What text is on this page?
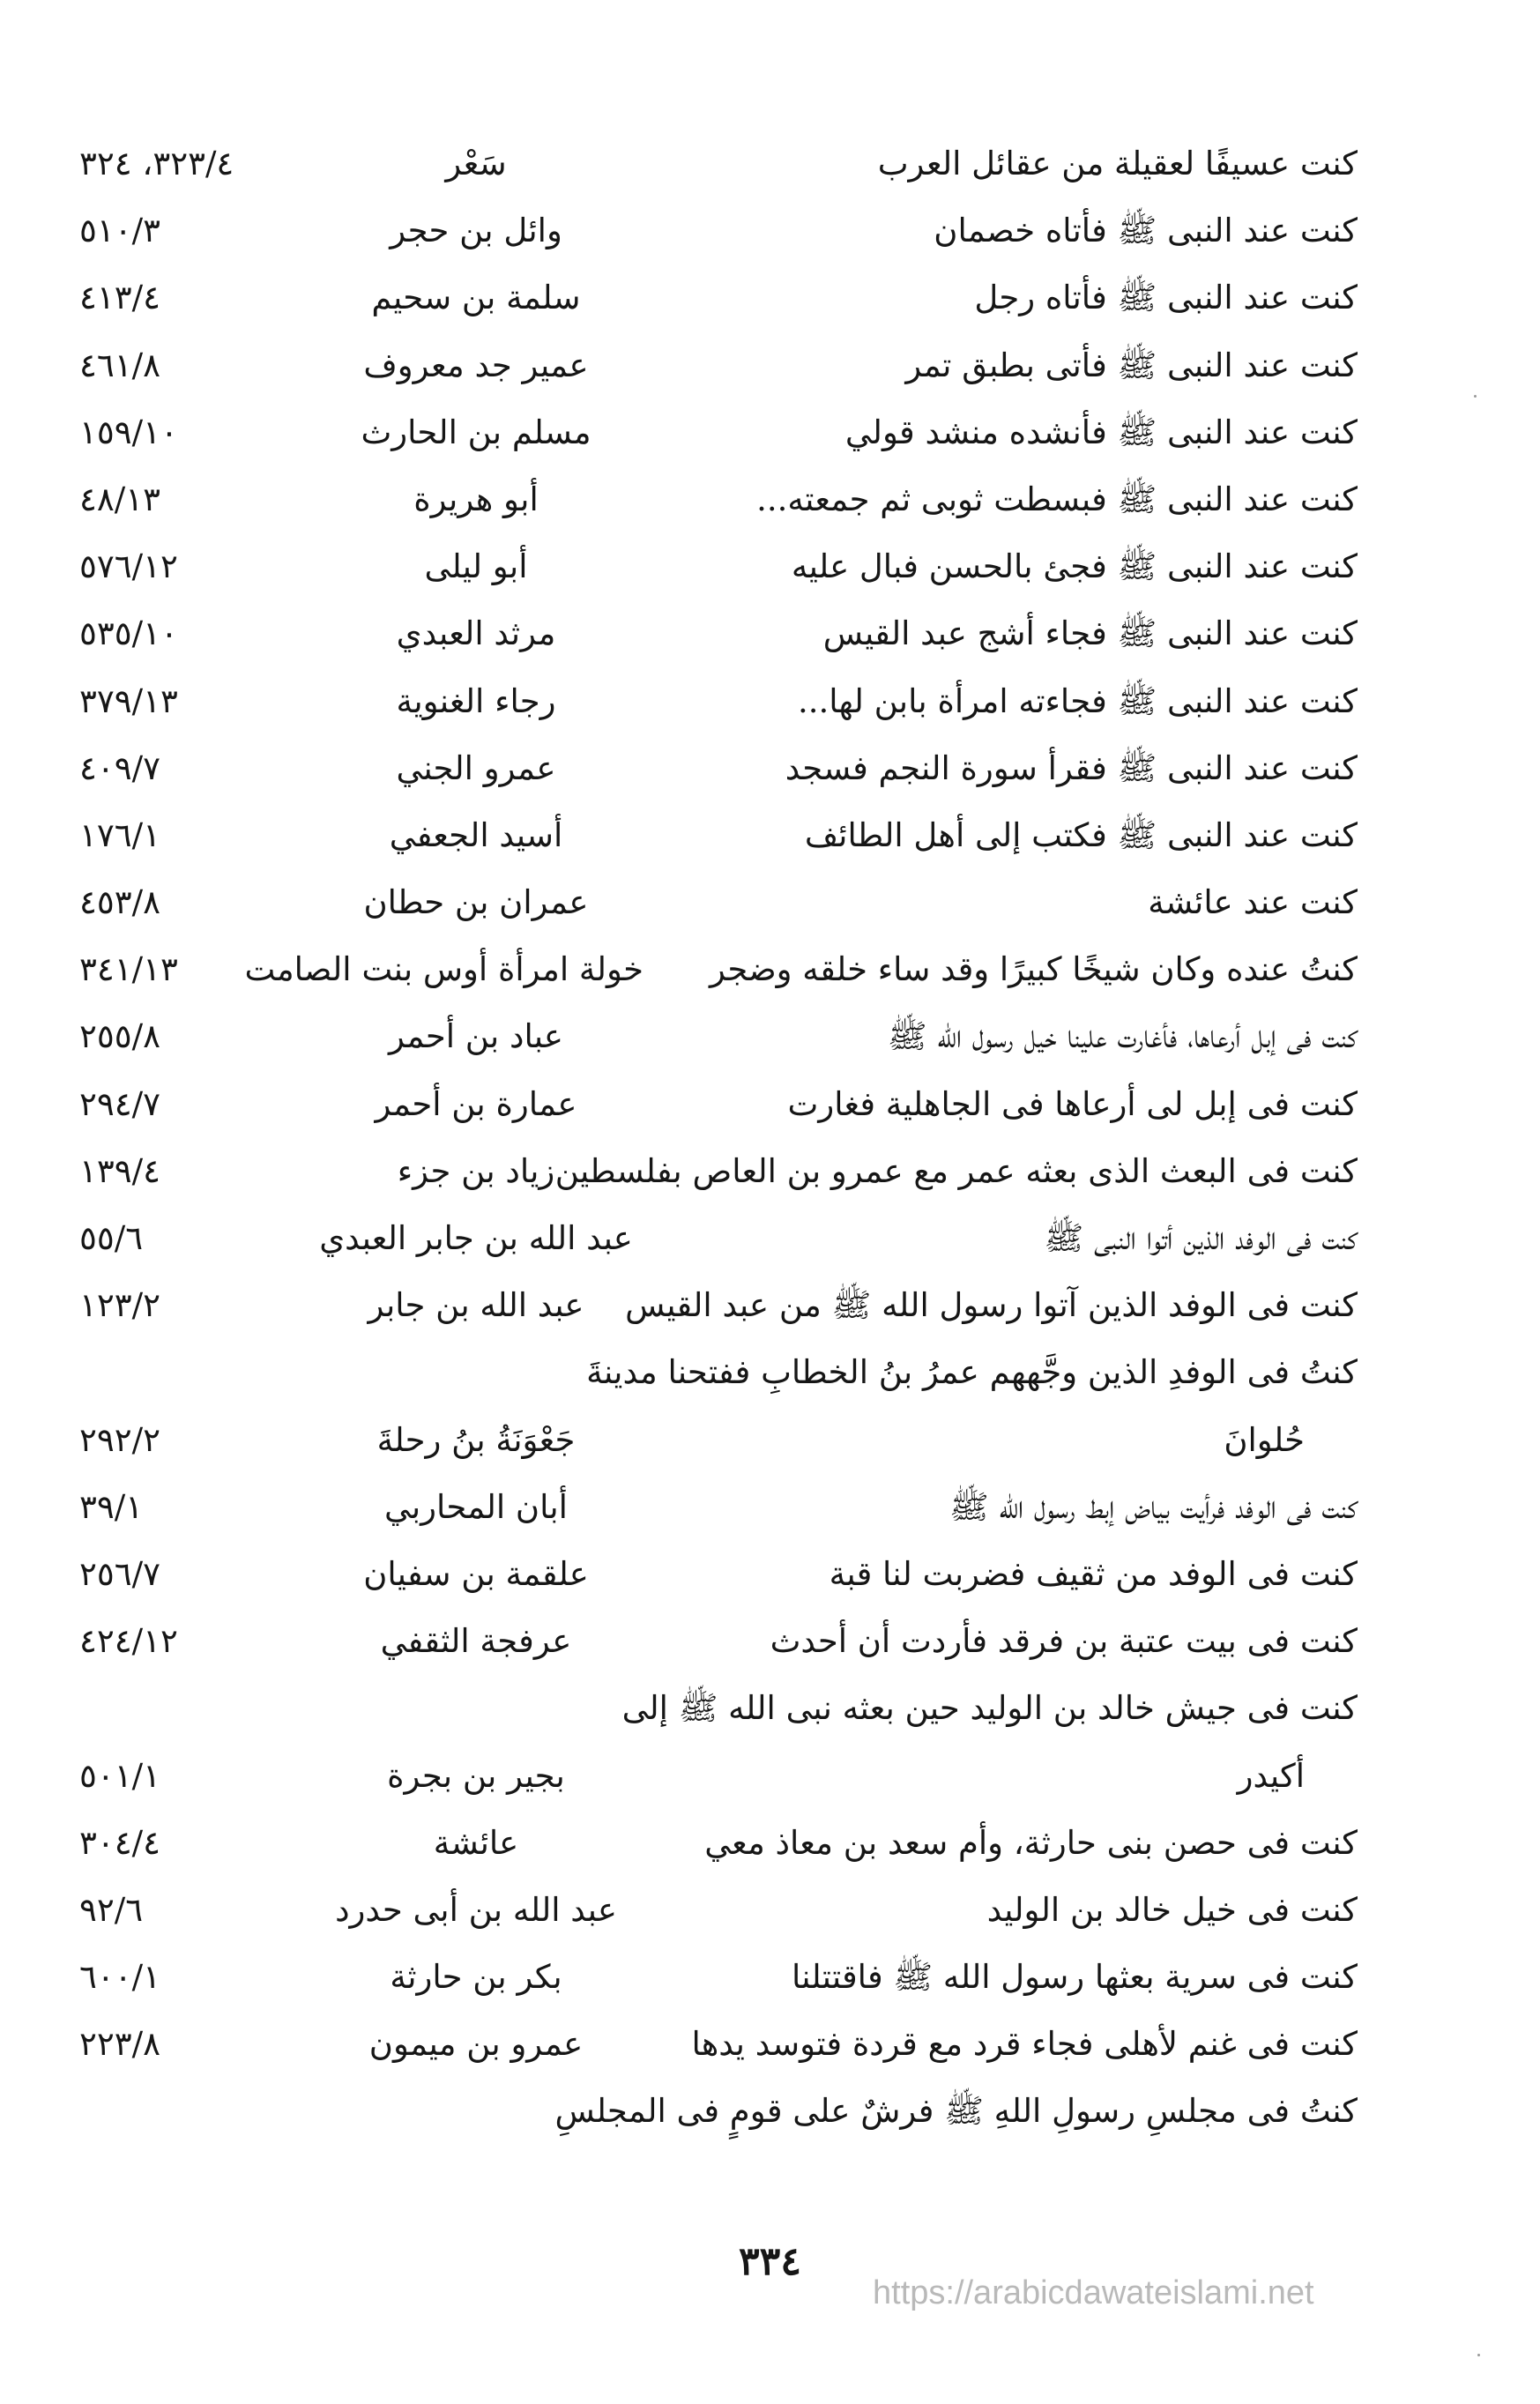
كنت عسيفًا لعقيلة من عقائل العرب
سَعْر
٣٢٣/٤، ٣٢٤
كنت عند النبى ﷺ فأتاه خصمان
وائل بن حجر
٥١٠/٣
كنت عند النبى ﷺ فأتاه رجل
سلمة بن سحيم
٤١٣/٤
كنت عند النبى ﷺ فأتى بطبق تمر
عمير جد معروف
٤٦١/٨
كنت عند النبى ﷺ فأنشده منشد قولي
مسلم بن الحارث
١٥٩/١٠
كنت عند النبى ﷺ فبسطت ثوبى ثم جمعته...
أبو هريرة
٤٨/١٣
كنت عند النبى ﷺ فجئ بالحسن فبال عليه
أبو ليلى
٥٧٦/١٢
كنت عند النبى ﷺ فجاء أشج عبد القيس
مرثد العبدي
٥٣٥/١٠
كنت عند النبى ﷺ فجاءته امرأة بابن لها...
رجاء الغنوية
٣٧٩/١٣
كنت عند النبى ﷺ فقرأ سورة النجم فسجد
عمرو الجني
٤٠٩/٧
كنت عند النبى ﷺ فكتب إلى أهل الطائف
أسيد الجعفي
١٧٦/١
كنت عند عائشة
عمران بن حطان
٤٥٣/٨
كنتُ عنده وكان شيخًا كبيرًا وقد ساء خلقه وضجر
خولة امرأة أوس بنت الصامت
٣٤١/١٣
كنت فى إبل أرعاها، فأغارت علينا خيل رسول الله ﷺ
عباد بن أحمر
٢٥٥/٨
كنت فى إبل لى أرعاها فى الجاهلية فغارت
عمارة بن أحمر
٢٩٤/٧
كنت فى البعث الذى بعثه عمر مع عمرو بن العاص بفلسطين
زياد بن جزء
١٣٩/٤
كنت فى الوفد الذين أتوا النبى ﷺ
عبد الله بن جابر العبدي
٥٥/٦
كنت فى الوفد الذين آتوا رسول الله ﷺ من عبد القيس
عبد الله بن جابر
١٢٣/٢
كنتُ فى الوفدِ الذين وجَّههم عمرُ بنُ الخطابِ ففتحنا مدينةَ
حُلوانَ
جَعْوَنَةُ بنُ رحلةَ
٢٩٢/٢
كنت فى الوفد فرأيت بياض إبط رسول الله ﷺ
أبان المحاربي
٣٩/١
كنت فى الوفد من ثقيف فضربت لنا قبة
علقمة بن سفيان
٢٥٦/٧
كنت فى بيت عتبة بن فرقد فأردت أن أحدث
عرفجة الثقفي
٤٢٤/١٢
كنت فى جيش خالد بن الوليد حين بعثه نبى الله ﷺ إلى
أكيدر
بجير بن بجرة
٥٠١/١
كنت فى حصن بنى حارثة، وأم سعد بن معاذ معي
عائشة
٣٠٤/٤
كنت فى خيل خالد بن الوليد
عبد الله بن أبى حدرد
٩٢/٦
كنت فى سرية بعثها رسول الله ﷺ فاقتتلنا
بكر بن حارثة
٦٠٠/١
كنت فى غنم لأهلى فجاء قرد مع قردة فتوسد يدها
عمرو بن ميمون
٢٢٣/٨
كنتُ فى مجلسِ رسولِ اللهِ ﷺ فرشٌ على قومٍ فى المجلسِ
٣٣٤
https://arabicdawateislami.net
